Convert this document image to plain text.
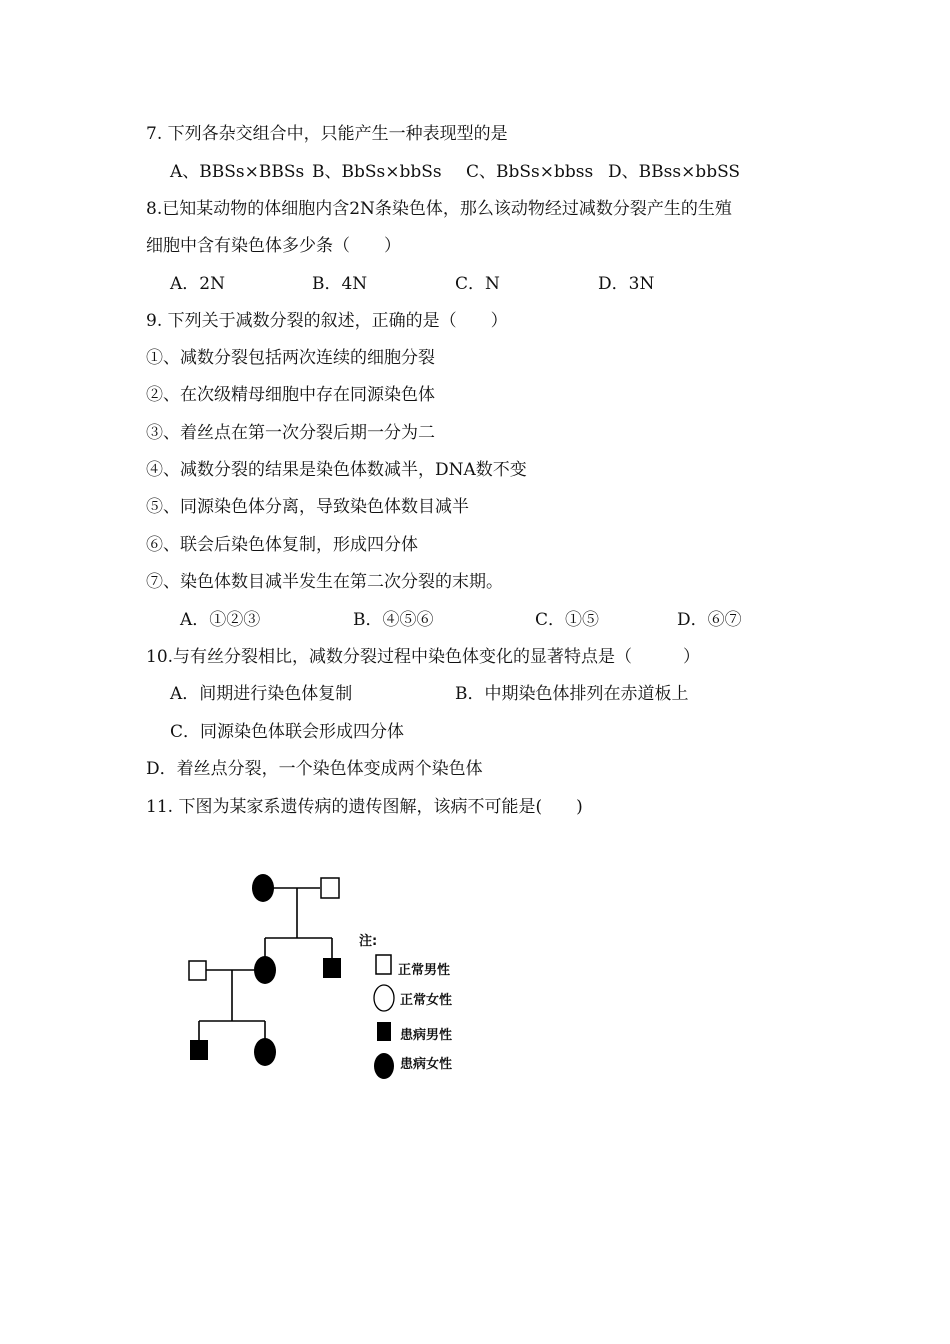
7. 下列各杂交组合中，只能产生一种表现型的是
A、BBSs×BBSs B、BbSs×bbSs C、BbSs×bbss D、BBss×bbSS
8.已知某动物的体细胞内含2N条染色体，那么该动物经过减数分裂产生的生殖
细胞中含有染色体多少条（　　）
A．2N	B．4N	C．N	D．3N
9. 下列关于减数分裂的叙述，正确的是（　　）
①、减数分裂包括两次连续的细胞分裂
②、在次级精母细胞中存在同源染色体
③、着丝点在第一次分裂后期一分为二
④、减数分裂的结果是染色体数减半，DNA数不变
⑤、同源染色体分离，导致染色体数目减半
⑥、联会后染色体复制，形成四分体
⑦、染色体数目减半发生在第二次分裂的末期。
A．①②③	B．④⑤⑥	C．①⑤	D．⑥⑦
10.与有丝分裂相比，减数分裂过程中染色体变化的显著特点是（　　　）
A．间期进行染色体复制	B．中期染色体排列在赤道板上
C．同源染色体联会形成四分体
D．着丝点分裂，一个染色体变成两个染色体
11. 下图为某家系遗传病的遗传图解，该病不可能是(　　)
注:
正常男性
正常女性
患病男性
患病女性
